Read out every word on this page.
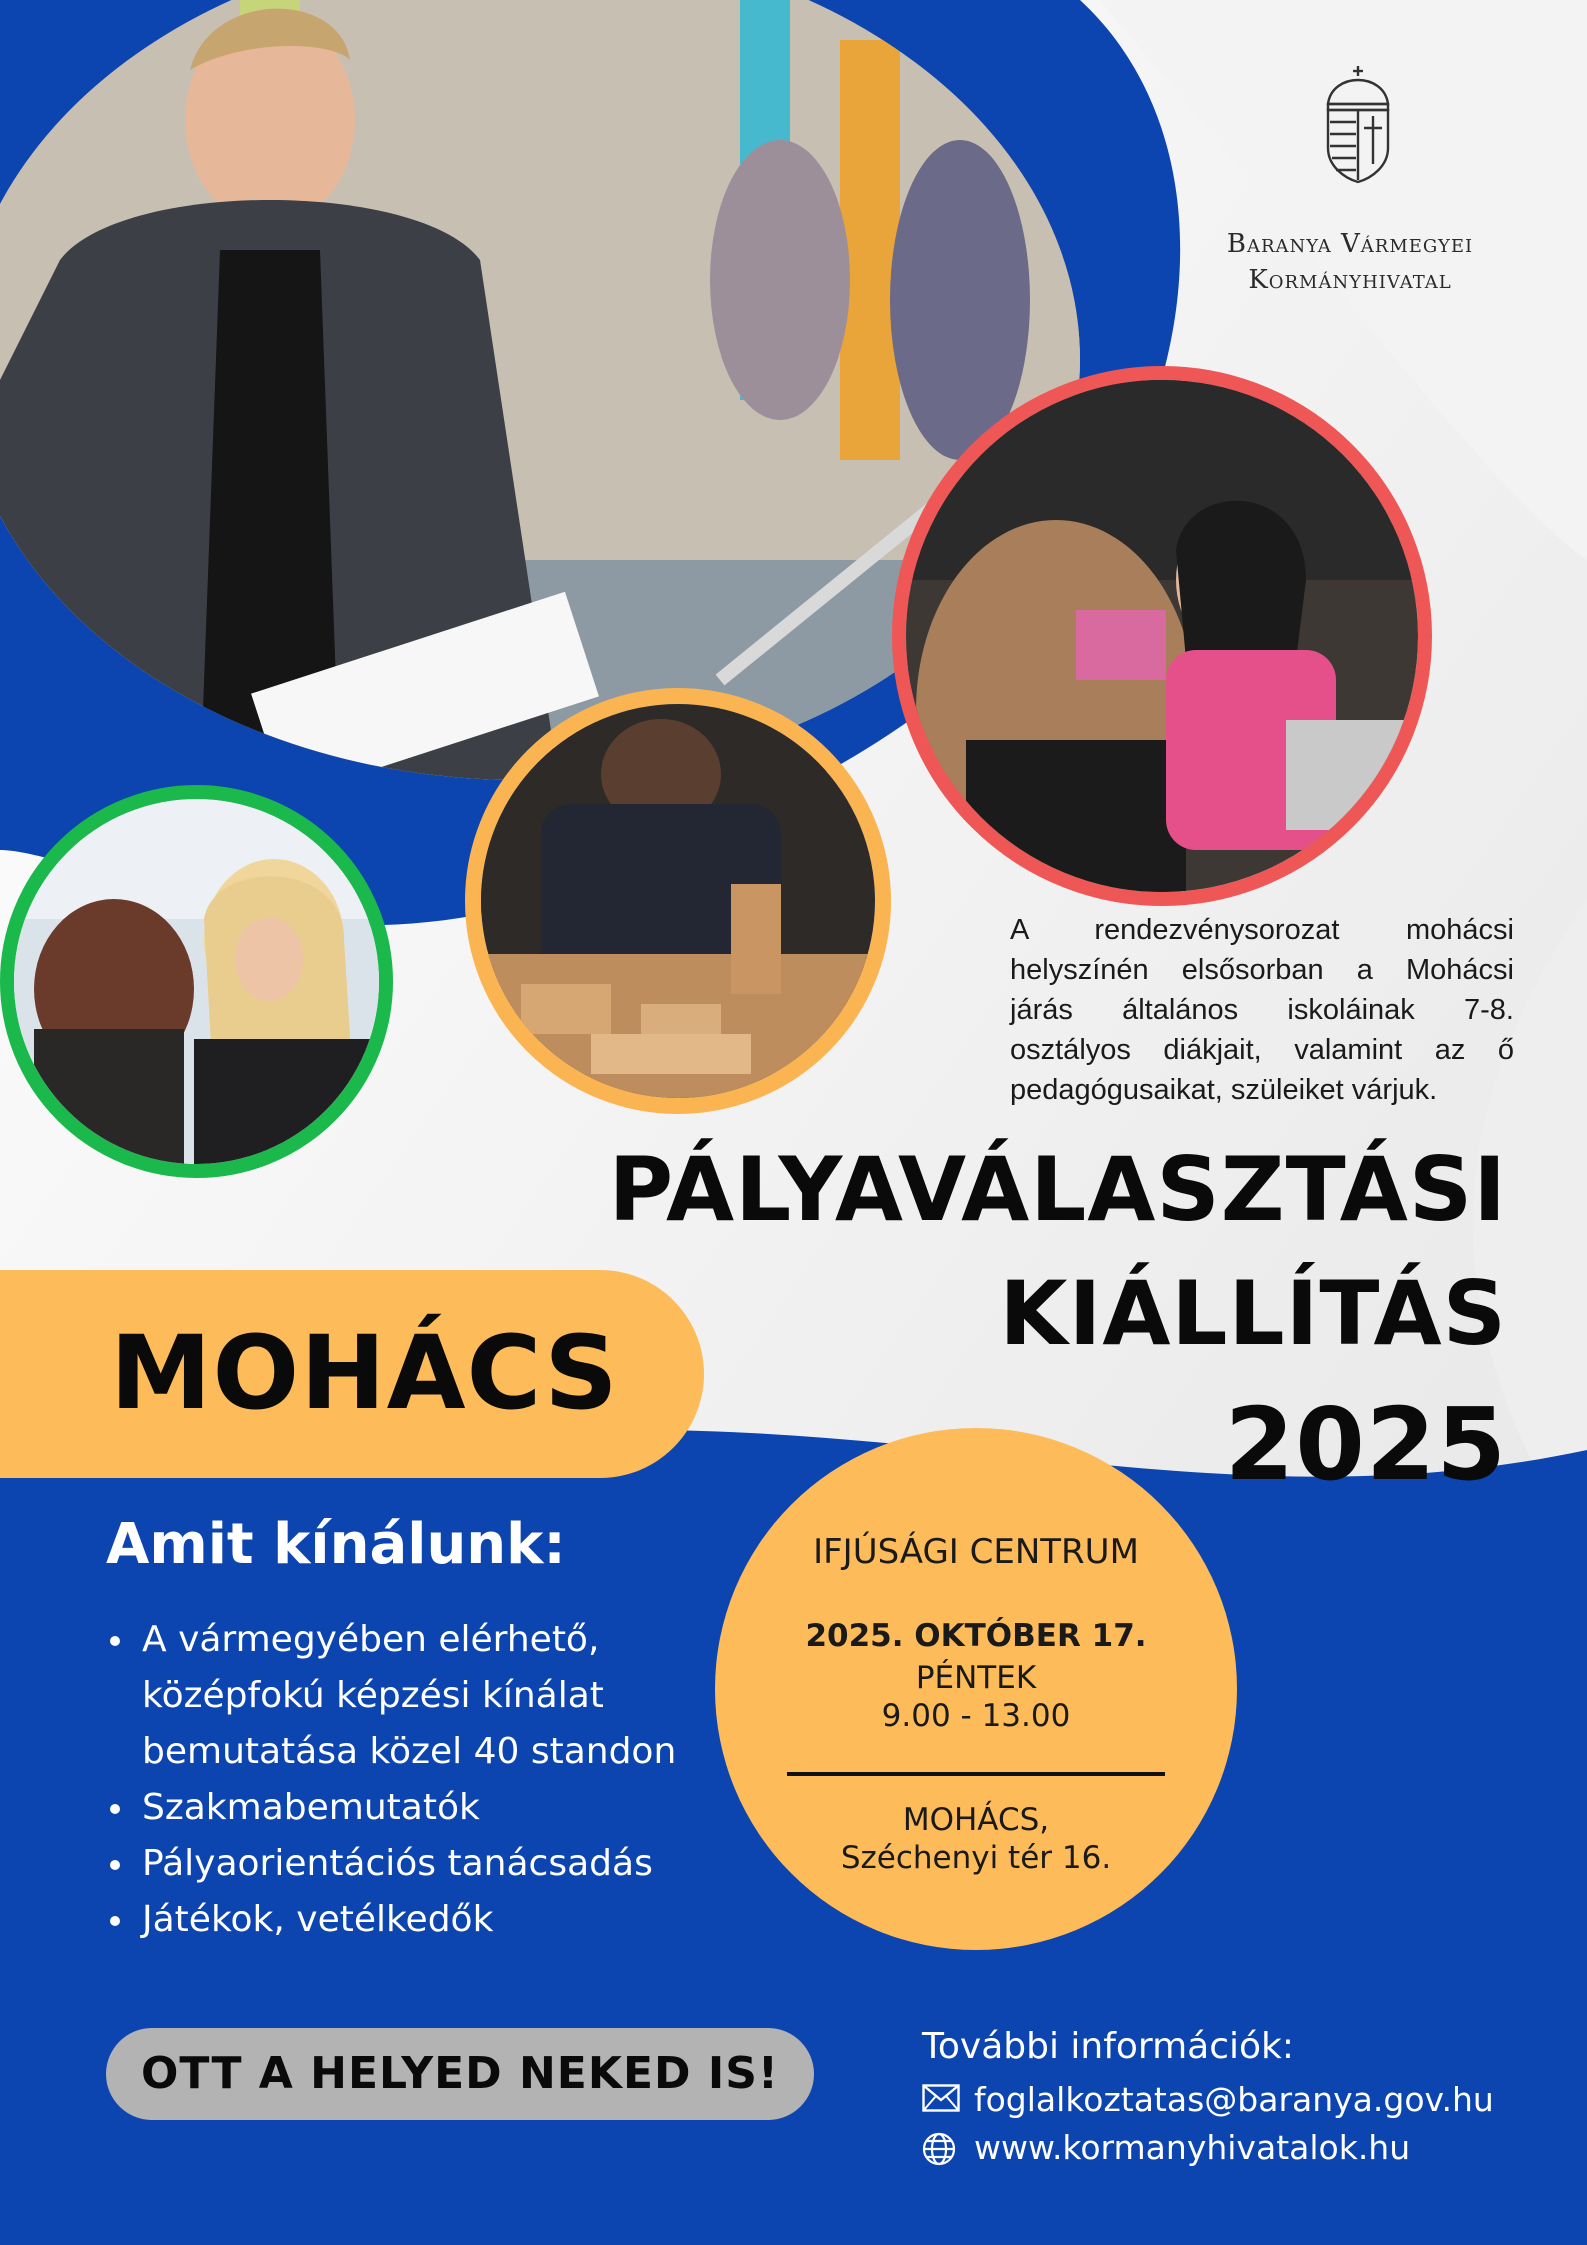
Baranya Vármegyei
Kormányhivatal
A rendezvénysorozat mohácsi
helyszínén elsősorban a Mohácsi
járás általános iskoláinak 7-8.
osztályos diákjait, valamint az ő
pedagógusaikat, szüleiket várjuk.
PÁLYAVÁLASZTÁSI
KIÁLLÍTÁS
2025
MOHÁCS
Amit kínálunk:
A vármegyében elérhető, középfokú képzési kínálat bemutatása közel 40 standon
Szakmabemutatók
Pályaorientációs tanácsadás
Játékok, vetélkedők
OTT A HELYED NEKED IS!
IFJÚSÁGI CENTRUM
2025. OKTÓBER 17.
PÉNTEK
9.00 - 13.00
MOHÁCS,
Széchenyi tér 16.
További információk:
foglalkoztatas@baranya.gov.hu
www.kormanyhivatalok.hu
